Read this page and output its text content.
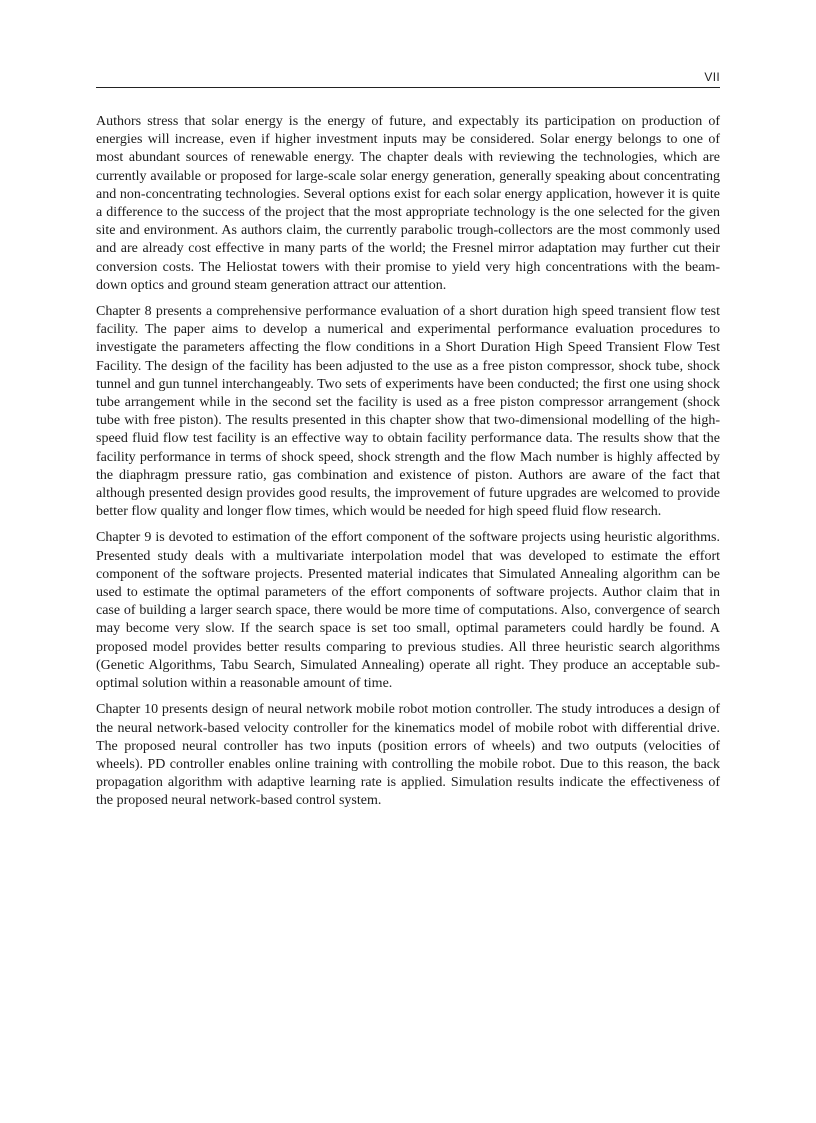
VII

Authors stress that solar energy is the energy of future, and expectably its participation on production of energies will increase, even if higher investment inputs may be considered. Solar energy belongs to one of most abundant sources of renewable energy. The chapter deals with reviewing the technologies, which are currently available or proposed for large-scale solar energy generation, generally speaking about concentrating and non-concentrating technologies. Several options exist for each solar energy application, however it is quite a difference to the success of the project that the most appropriate technology is the one selected for the given site and environment. As authors claim, the currently parabolic trough-collectors are the most commonly used and are already cost effective in many parts of the world; the Fresnel mirror adaptation may further cut their conversion costs. The Heliostat towers with their promise to yield very high concentrations with the beam-down optics and ground steam generation attract our attention.

Chapter 8 presents a comprehensive performance evaluation of a short duration high speed transient flow test facility. The paper aims to develop a numerical and experimental performance evaluation procedures to investigate the parameters affecting the flow conditions in a Short Duration High Speed Transient Flow Test Facility. The design of the facility has been adjusted to the use as a free piston compressor, shock tube, shock tunnel and gun tunnel interchangeably. Two sets of experiments have been conducted; the first one using shock tube arrangement while in the second set the facility is used as a free piston compressor arrangement (shock tube with free piston). The results presented in this chapter show that two-dimensional modelling of the high-speed fluid flow test facility is an effective way to obtain facility performance data. The results show that the facility performance in terms of shock speed, shock strength and the flow Mach number is highly affected by the diaphragm pressure ratio, gas combination and existence of piston. Authors are aware of the fact that although presented design provides good results, the improvement of future upgrades are welcomed to provide better flow quality and longer flow times, which would be needed for high speed fluid flow research.

Chapter 9 is devoted to estimation of the effort component of the software projects using heuristic algorithms. Presented study deals with a multivariate interpolation model that was developed to estimate the effort component of the software projects. Presented material indicates that Simulated Annealing algorithm can be used to estimate the optimal parameters of the effort components of software projects. Author claim that in case of building a larger search space, there would be more time of computations. Also, convergence of search may become very slow. If the search space is set too small, optimal parameters could hardly be found. A proposed model provides better results comparing to previous studies. All three heuristic search algorithms (Genetic Algorithms, Tabu Search, Simulated Annealing) operate all right. They produce an acceptable sub-optimal solution within a reasonable amount of time.

Chapter 10 presents design of neural network mobile robot motion controller. The study introduces a design of the neural network-based velocity controller for the kinematics model of mobile robot with differential drive. The proposed neural controller has two inputs (position errors of wheels) and two outputs (velocities of wheels). PD controller enables online training with controlling the mobile robot. Due to this reason, the back propagation algorithm with adaptive learning rate is applied. Simulation results indicate the effectiveness of the proposed neural network-based control system.
